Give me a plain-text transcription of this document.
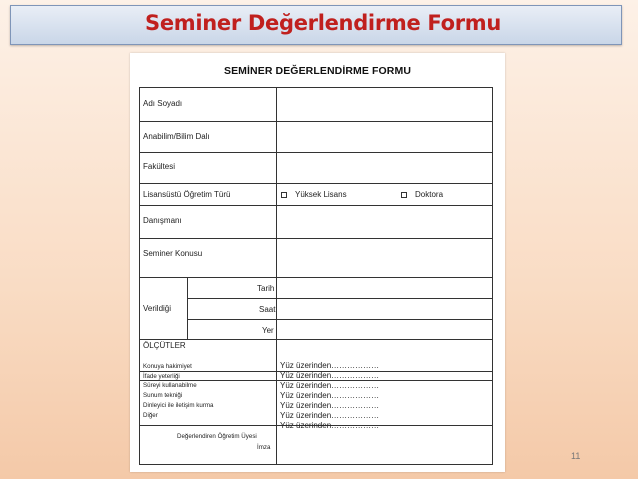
Seminer Değerlendirme Formu
SEMİNER DEĞERLENDİRME FORMU
Adı Soyadı
Anabilim/Bilim Dalı
Fakültesi
Lisansüstü Öğretim Türü	Yüksek Lisans	Doktora
Danışmanı
Seminer Konusu
Verildiği
Tarih
Saat
Yer
ÖLÇÜTLER
Konuya hakimiyet
İfade yeterliği
Süreyi kullanabilme
Sunum tekniği
Dinleyici ile iletişim kurma
Diğer
Yüz üzerinden………………
Yüz üzerinden………………
Yüz üzerinden………………
Yüz üzerinden………………
Yüz üzerinden………………
Yüz üzerinden………………
Yüz üzerinden………………
Değerlendiren Öğretim Üyesi
İmza
11
